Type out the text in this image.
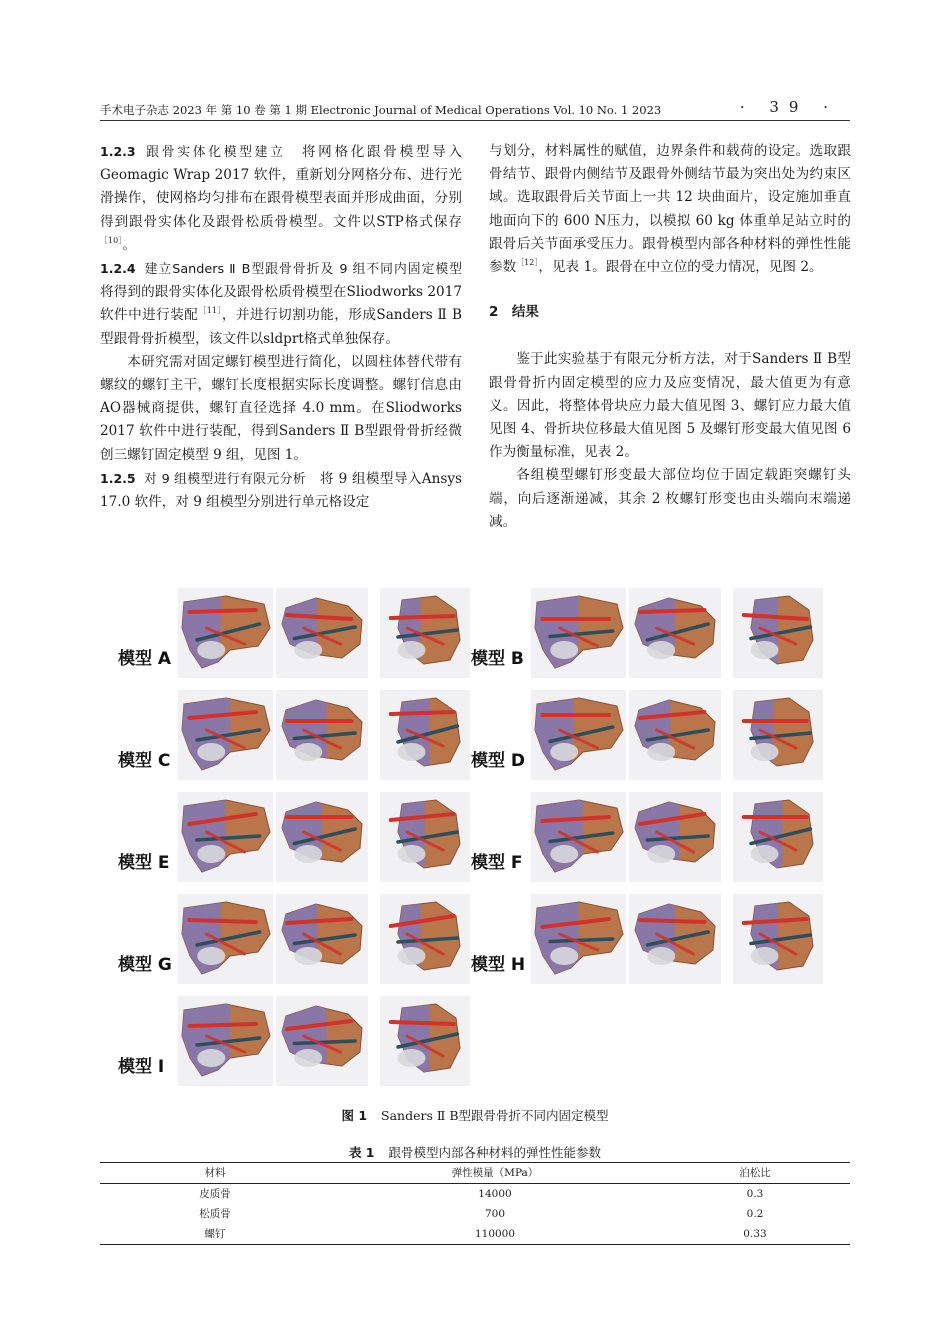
手术电子杂志 2023 年 第 10 卷 第 1 期 Electronic Journal of Medical Operations Vol. 10 No. 1 2023	· 39 ·

1.2.3 跟骨实体化模型建立　 将网格化跟骨模型导入Geomagic Wrap 2017 软件，重新划分网格分布、进行光滑操作，使网格均匀排布在跟骨模型表面并形成曲面，分别得到跟骨实体化及跟骨松质骨模型。文件以STP格式保存$^{[10]}$。

1.2.4 建立Sanders Ⅱ B型跟骨骨折及 9 组不同内固定模型　将得到的跟骨实体化及跟骨松质骨模型在Sliodworks 2017 软件中进行装配$^{[11]}$，并进行切割功能，形成Sanders Ⅱ B型跟骨骨折模型，该文件以sldprt格式单独保存。

本研究需对固定螺钉模型进行简化，以圆柱体替代带有螺纹的螺钉主干，螺钉长度根据实际长度调整。螺钉信息由AO器械商提供，螺钉直径选择 4.0 mm。在Sliodworks 2017 软件中进行装配，得到Sanders Ⅱ B型跟骨骨折经微创三螺钉固定模型 9 组，见图 1。

1.2.5 对 9 组模型进行有限元分析　 将 9 组模型导入Ansys 17.0 软件，对 9 组模型分别进行单元格设定

与划分，材料属性的赋值，边界条件和载荷的设定。选取跟骨结节、跟骨内侧结节及跟骨外侧结节最为突出处为约束区域。选取跟骨后关节面上一共 12 块曲面片，设定施加垂直地面向下的 600 N压力，以模拟 60 kg 体重单足站立时的跟骨后关节面承受压力。跟骨模型内部各种材料的弹性性能参数$^{[12]}$，见表 1。跟骨在中立位的受力情况，见图 2。

2　结果

鉴于此实验基于有限元分析方法，对于Sanders Ⅱ B型跟骨骨折内固定模型的应力及应变情况，最大值更为有意义。因此，将整体骨块应力最大值见图 3、螺钉应力最大值见图 4、骨折块位移最大值见图 5 及螺钉形变最大值见图 6 作为衡量标准，见表 2。

各组模型螺钉形变最大部位均位于固定载距突螺钉头端，向后逐渐递减，其余 2 枚螺钉形变也由头端向末端递减。

模型 A	模型 B
模型 C	模型 D
模型 E	模型 F
模型 G	模型 H
模型 I
图 1 Sanders Ⅱ B型跟骨骨折不同内固定模型
表 1 跟骨模型内部各种材料的弹性性能参数
材料	弹性模量（MPa）	泊松比
皮质骨	14000	0.3
松质骨	700	0.2
螺钉	110000	0.33
